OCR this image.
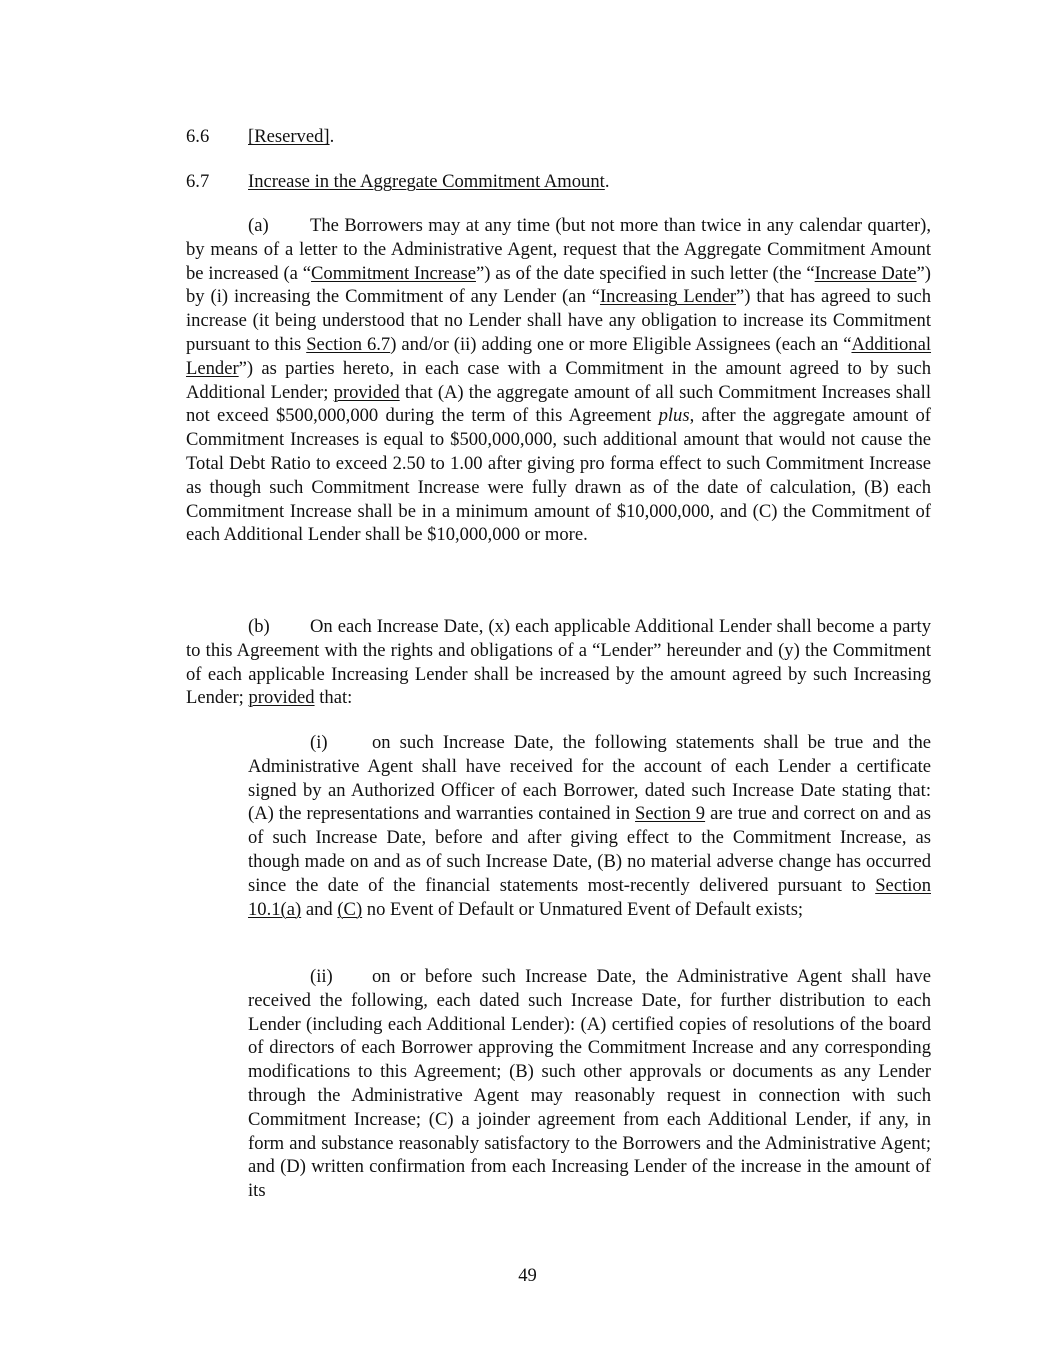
6.6 [Reserved].
6.7 Increase in the Aggregate Commitment Amount.
(a) The Borrowers may at any time (but not more than twice in any calendar quarter), by means of a letter to the Administrative Agent, request that the Aggregate Commitment Amount be increased (a “Commitment Increase”) as of the date specified in such letter (the “Increase Date”) by (i) increasing the Commitment of any Lender (an “Increasing Lender”) that has agreed to such increase (it being understood that no Lender shall have any obligation to increase its Commitment pursuant to this Section 6.7) and/or (ii) adding one or more Eligible Assignees (each an “Additional Lender”) as parties hereto, in each case with a Commitment in the amount agreed to by such Additional Lender; provided that (A) the aggregate amount of all such Commitment Increases shall not exceed $500,000,000 during the term of this Agreement plus, after the aggregate amount of Commitment Increases is equal to $500,000,000, such additional amount that would not cause the Total Debt Ratio to exceed 2.50 to 1.00 after giving pro forma effect to such Commitment Increase as though such Commitment Increase were fully drawn as of the date of calculation, (B) each Commitment Increase shall be in a minimum amount of $10,000,000, and (C) the Commitment of each Additional Lender shall be $10,000,000 or more.
(b) On each Increase Date, (x) each applicable Additional Lender shall become a party to this Agreement with the rights and obligations of a “Lender” hereunder and (y) the Commitment of each applicable Increasing Lender shall be increased by the amount agreed by such Increasing Lender; provided that:
(i) on such Increase Date, the following statements shall be true and the Administrative Agent shall have received for the account of each Lender a certificate signed by an Authorized Officer of each Borrower, dated such Increase Date stating that: (A) the representations and warranties contained in Section 9 are true and correct on and as of such Increase Date, before and after giving effect to the Commitment Increase, as though made on and as of such Increase Date, (B) no material adverse change has occurred since the date of the financial statements most-recently delivered pursuant to Section 10.1(a) and (C) no Event of Default or Unmatured Event of Default exists;
(ii) on or before such Increase Date, the Administrative Agent shall have received the following, each dated such Increase Date, for further distribution to each Lender (including each Additional Lender): (A) certified copies of resolutions of the board of directors of each Borrower approving the Commitment Increase and any corresponding modifications to this Agreement; (B) such other approvals or documents as any Lender through the Administrative Agent may reasonably request in connection with such Commitment Increase; (C) a joinder agreement from each Additional Lender, if any, in form and substance reasonably satisfactory to the Borrowers and the Administrative Agent; and (D) written confirmation from each Increasing Lender of the increase in the amount of its
49
